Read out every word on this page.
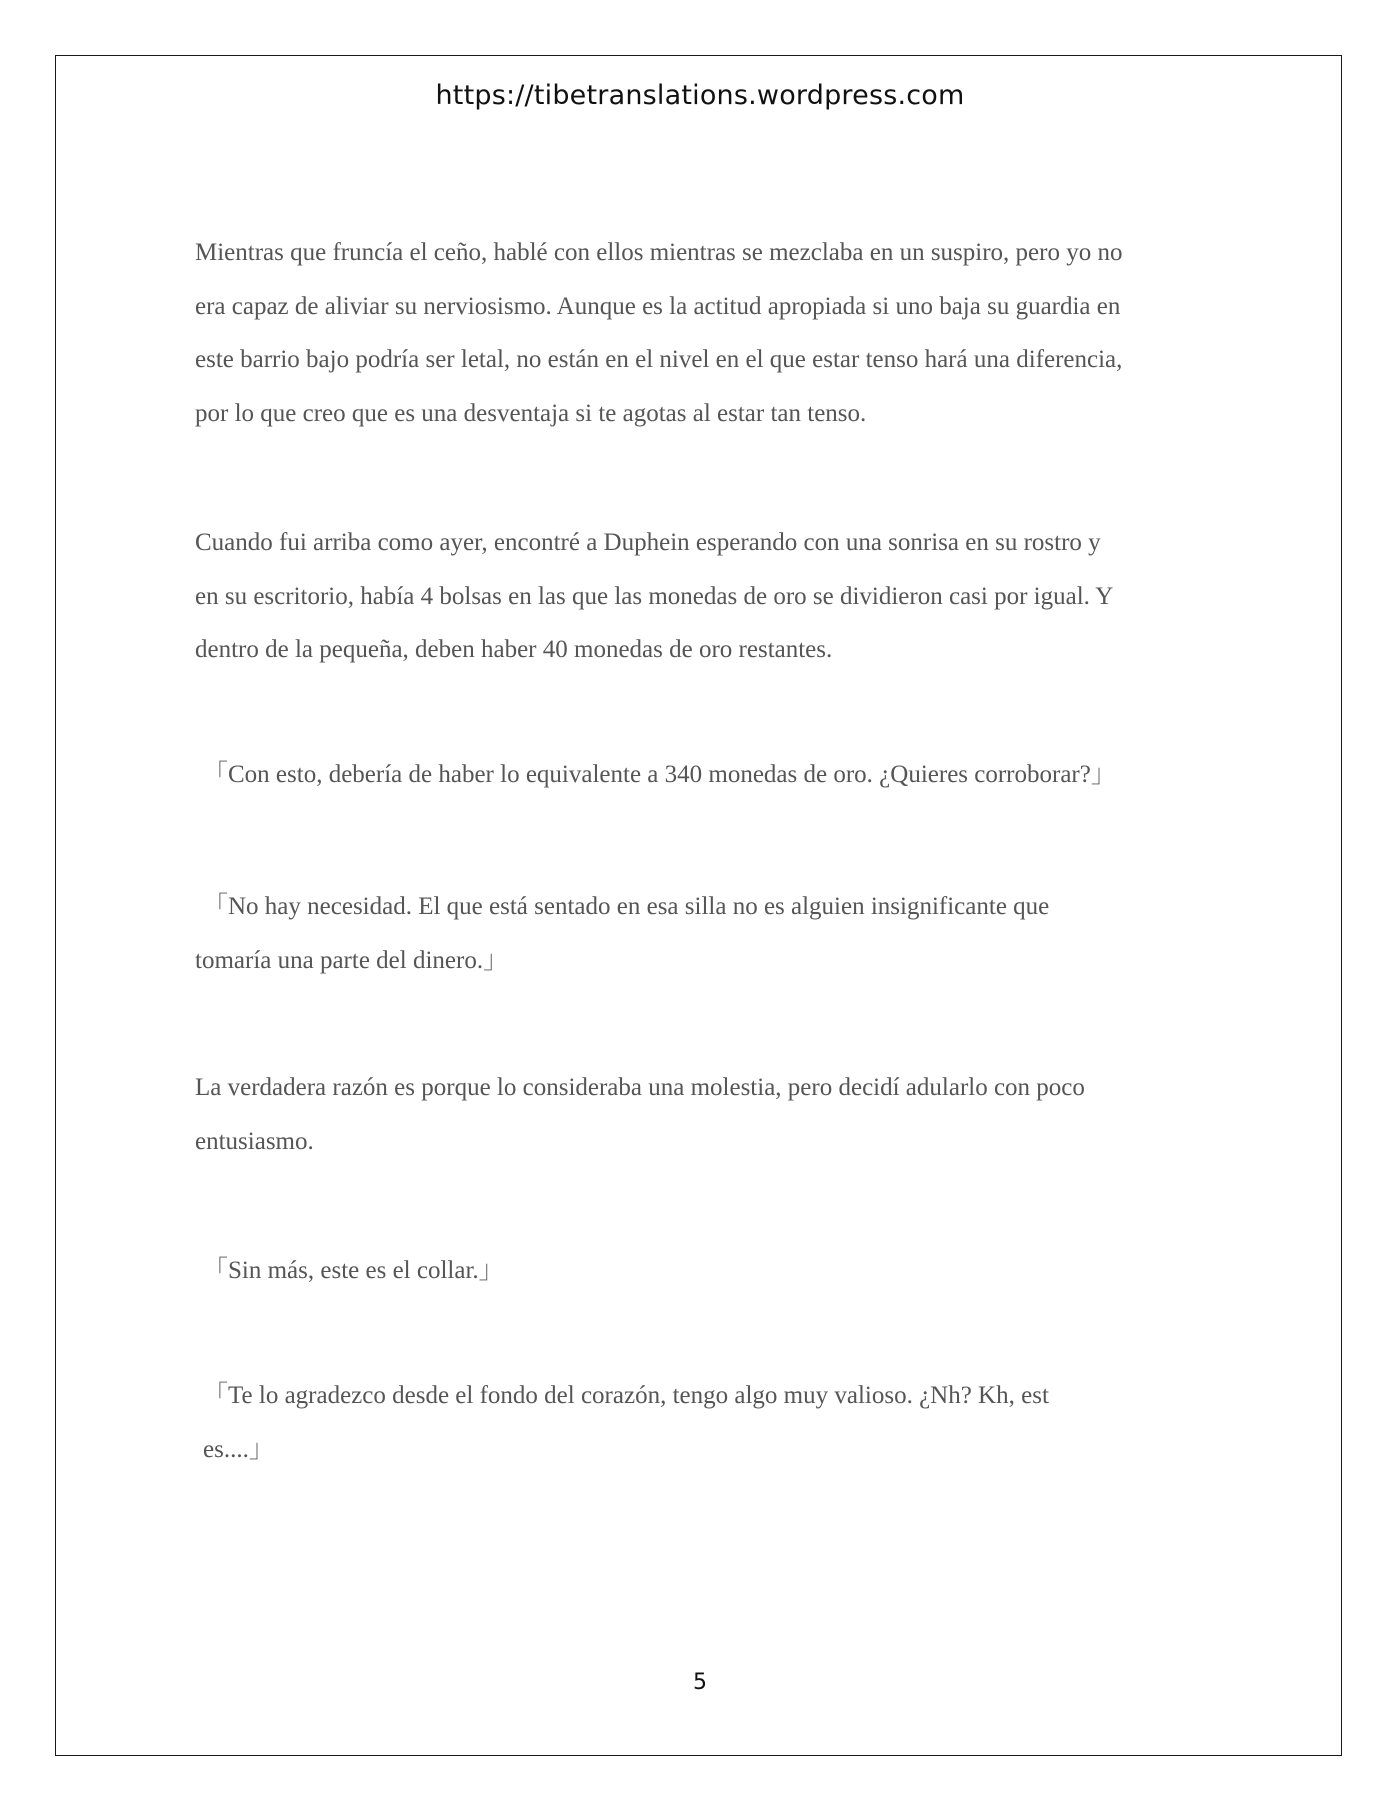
https://tibetranslations.wordpress.com
Mientras que fruncía el ceño, hablé con ellos mientras se mezclaba en un suspiro, pero yo no
era capaz de aliviar su nerviosismo. Aunque es la actitud apropiada si uno baja su guardia en
este barrio bajo podría ser letal, no están en el nivel en el que estar tenso hará una diferencia,
por lo que creo que es una desventaja si te agotas al estar tan tenso.
Cuando fui arriba como ayer, encontré a Duphein esperando con una sonrisa en su rostro y
en su escritorio, había 4 bolsas en las que las monedas de oro se dividieron casi por igual. Y
dentro de la pequeña, deben haber 40 monedas de oro restantes.
「Con esto, debería de haber lo equivalente a 340 monedas de oro. ¿Quieres corroborar?」
「No hay necesidad. El que está sentado en esa silla no es alguien insignificante que
tomaría una parte del dinero.」
La verdadera razón es porque lo consideraba una molestia, pero decidí adularlo con poco
entusiasmo.
「Sin más, este es el collar.」
「Te lo agradezco desde el fondo del corazón, tengo algo muy valioso. ¿Nh? Kh, est
es....」
5
